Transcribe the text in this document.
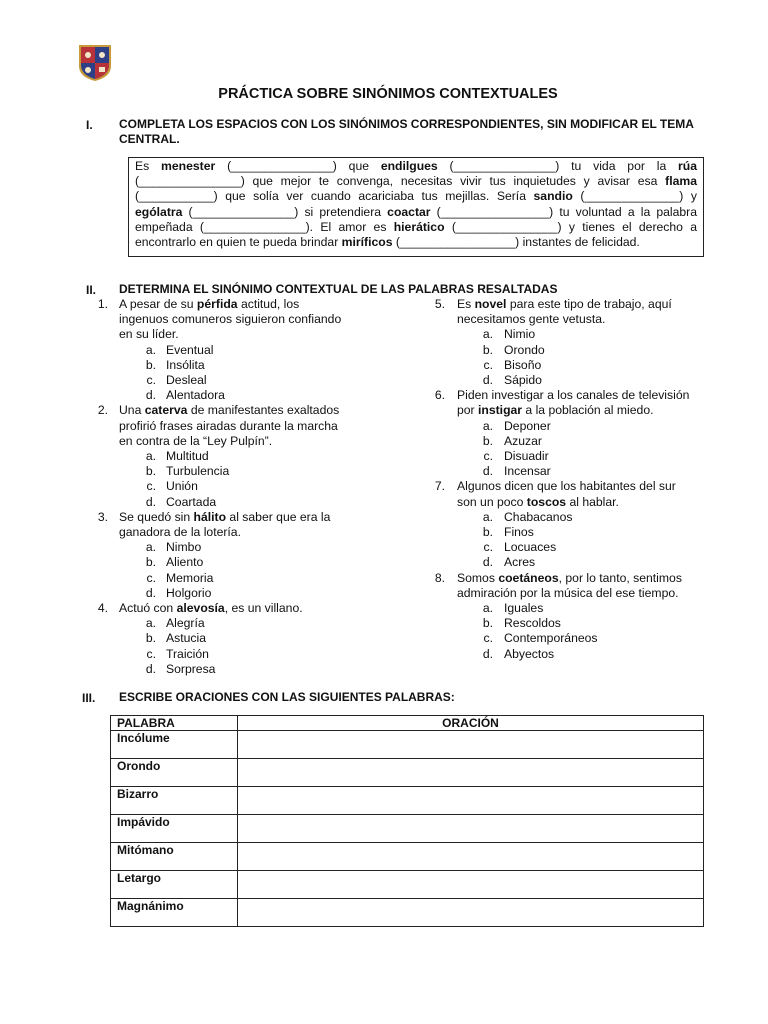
PRÁCTICA SOBRE SINÓNIMOS CONTEXTUALES
I. COMPLETA LOS ESPACIOS CON LOS SINÓNIMOS CORRESPONDIENTES, SIN MODIFICAR EL TEMA CENTRAL.
Es menester (_______________) que endilgues (_______________) tu vida por la rúa (_______________) que mejor te convenga, necesitas vivir tus inquietudes y avisar esa flama (___________) que solía ver cuando acariciaba tus mejillas. Sería sandio (______________) y ególatra (_______________) si pretendiera coactar (________________) tu voluntad a la palabra empeñada (_______________). El amor es hierático (_______________) y tienes el derecho a encontrarlo en quien te pueda brindar miríficos (_________________) instantes de felicidad.
II. DETERMINA EL SINÓNIMO CONTEXTUAL DE LAS PALABRAS RESALTADAS
1. A pesar de su pérfida actitud, los
ingenuos comuneros siguieron confiando
en su líder.
a. Eventual
b. Insólita
c. Desleal
d. Alentadora
2. Una caterva de manifestantes exaltados
profirió frases airadas durante la marcha
en contra de la “Ley Pulpín”.
a. Multitud
b. Turbulencia
c. Unión
d. Coartada
3. Se quedó sin hálito al saber que era la
ganadora de la lotería.
a. Nimbo
b. Aliento
c. Memoria
d. Holgorio
4. Actuó con alevosía, es un villano.
a. Alegría
b. Astucia
c. Traición
d. Sorpresa
5. Es novel para este tipo de trabajo, aquí
necesitamos gente vetusta.
a. Nimio
b. Orondo
c. Bisoño
d. Sápido
6. Piden investigar a los canales de televisión
por instigar a la población al miedo.
a. Deponer
b. Azuzar
c. Disuadir
d. Incensar
7. Algunos dicen que los habitantes del sur
son un poco toscos al hablar.
a. Chabacanos
b. Finos
c. Locuaces
d. Acres
8. Somos coetáneos, por lo tanto, sentimos
admiración por la música del ese tiempo.
a. Iguales
b. Rescoldos
c. Contemporáneos
d. Abyectos
III. ESCRIBE ORACIONES CON LAS SIGUIENTES PALABRAS:
PALABRA	ORACIÓN
Incólume	
Orondo	
Bizarro	
Impávido	
Mitómano	
Letargo	
Magnánimo	
